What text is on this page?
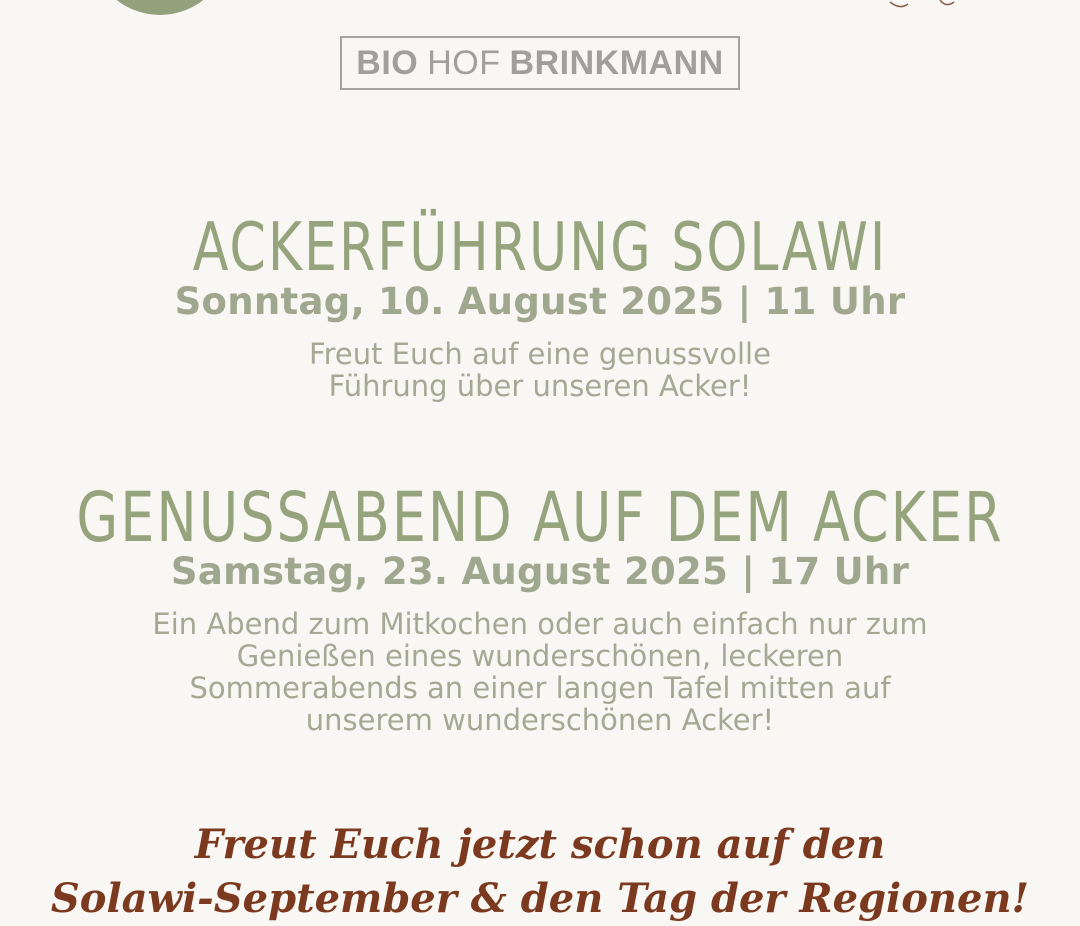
BIO HOF BRINKMANN
ACKERFÜHRUNG SOLAWI
Sonntag, 10. August 2025 | 11 Uhr
Freut Euch auf eine genussvolle Führung über unseren Acker!
GENUSSABEND AUF DEM ACKER
Samstag, 23. August 2025 | 17 Uhr
Ein Abend zum Mitkochen oder auch einfach nur zum Genießen eines wunderschönen, leckeren Sommerabends an einer langen Tafel mitten auf unserem wunderschönen Acker!
Freut Euch jetzt schon auf den
Solawi-September & den Tag der Regionen!
